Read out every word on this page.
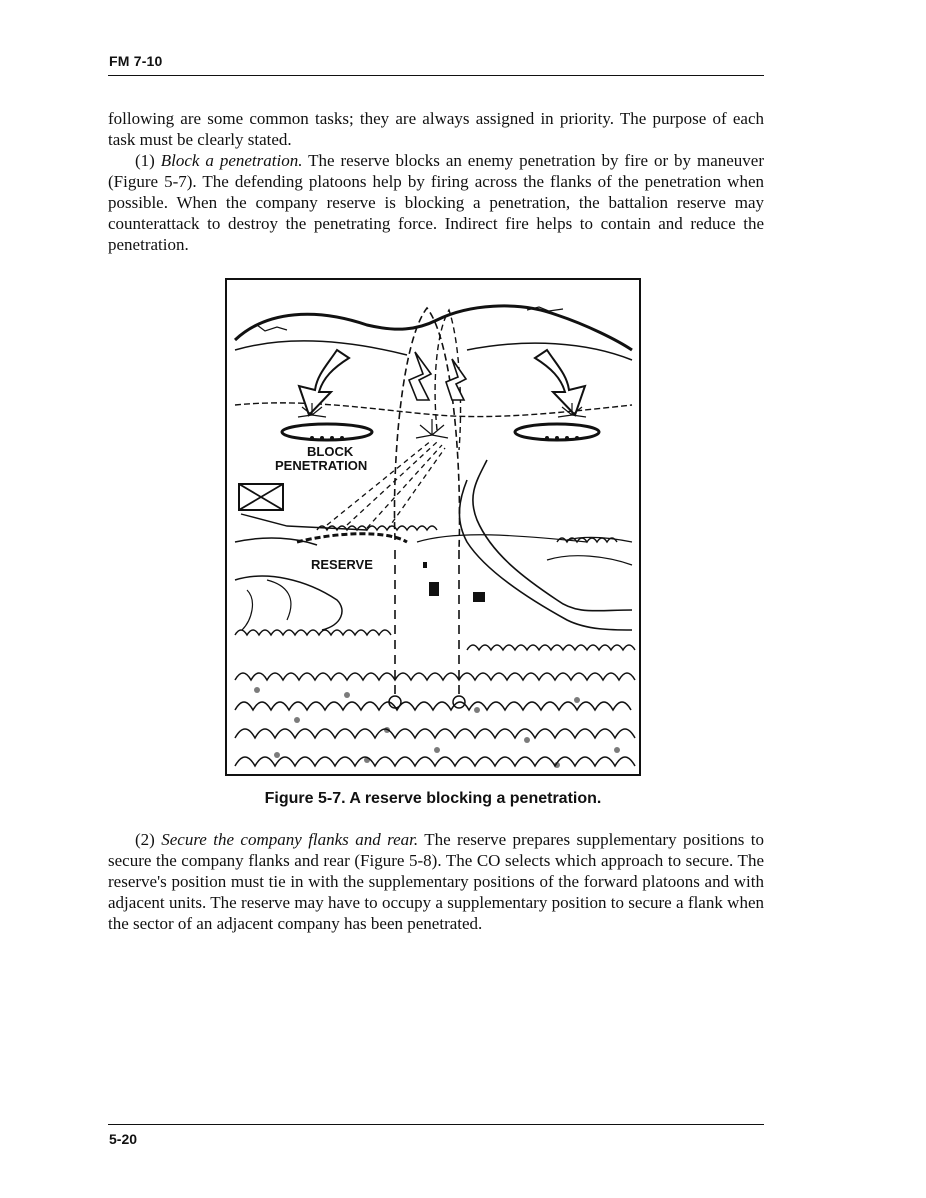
FM 7-10

following are some common tasks; they are always assigned in priority. The purpose of each task must be clearly stated.

(1) Block a penetration. The reserve blocks an enemy penetration by fire or by maneuver (Figure 5-7). The defending platoons help by firing across the flanks of the penetration when possible. When the company reserve is blocking a penetration, the battalion reserve may counterattack to destroy the penetrating force. Indirect fire helps to contain and reduce the penetration.

BLOCK
PENETRATION
RESERVE
Figure 5-7. A reserve blocking a penetration.

(2) Secure the company flanks and rear. The reserve prepares supplementary positions to secure the company flanks and rear (Figure 5-8). The CO selects which approach to secure. The reserve's position must tie in with the supplementary positions of the forward platoons and with adjacent units. The reserve may have to occupy a supplementary position to secure a flank when the sector of an adjacent company has been penetrated.

5-20
